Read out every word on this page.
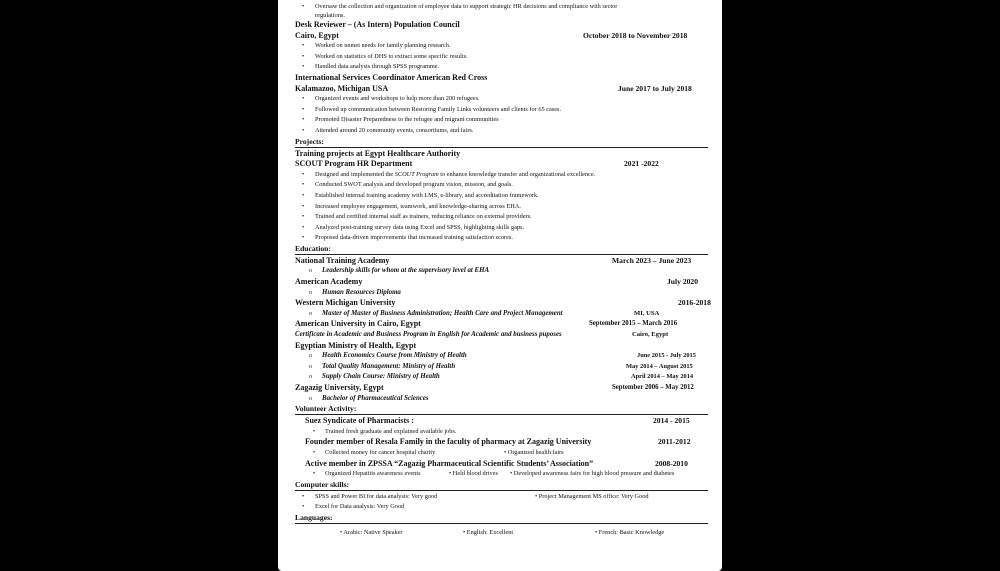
• Oversaw the collection and organization of employee data to support strategic HR decisions and compliance with sector
regulations.
Desk Reviewer – (As Intern) Population Council
Cairo, Egypt	October 2018 to November 2018
• Worked on unmet needs for family planning research.
• Worked on statistics of DHS to extract some specific results.
• Handled data analysis through SPSS programme.
International Services Coordinator American Red Cross
Kalamazoo, Michigan USA	June 2017 to July 2018
• Organized events and workshops to help more than 200 refugees.
• Followed up communication between Restoring Family Links volunteers and clients for 65 cases.
• Promoted Disaster Preparedness to the refugee and migrant communities
• Attended around 20 community events, consortiums, and fairs.
Projects:
Training projects at Egypt Healthcare Authority
SCOUT Program HR Department	2021 -2022
• Designed and implemented the SCOUT Program to enhance knowledge transfer and organizational excellence.
• Conducted SWOT analysis and developed program vision, mission, and goals.
• Established internal training academy with LMS, e-library, and accreditation framework.
• Increased employee engagement, teamwork, and knowledge-sharing across EHA.
• Trained and certified internal staff as trainers, reducing reliance on external providers.
• Analyzed post-training survey data using Excel and SPSS, highlighting skills gaps.
• Proposed data-driven improvements that increased training satisfaction scores.
Education:
National Training Academy	March 2023 – June 2023
o Leadership skills for whom at the supervisory level at EHA
American Academy	July 2020
o Human Resources Diploma
Western Michigan University	2016-2018
o Master of Master of Business Administration; Health Care and Project Management	MI, USA
American University in Cairo, Egypt	September 2015 – March 2016
Certificate in Academic and Business Program in English for Academic and business puposes	Cairo, Egypt
Egyptian Ministry of Health, Egypt
o Health Economics Course from Ministry of Health	June 2015 - July 2015
o Total Quality Management: Ministry of Health	May 2014 – August 2015
o Supply Chain Course: Ministry of Health	April 2014 – May 2014
Zagazig University, Egypt	September 2006 – May 2012
o Bachelor of Pharmaceutical Sciences
Volunteer Activity:
Suez Syndicate of Pharmacists :	2014 - 2015
• Trained fresh graduate and explained available jobs.
Founder member of Resala Family in the faculty of pharmacy at Zagazig University	2011-2012
• Collected money for cancer hospital charity	• Organized health fairs
Active member in ZPSSA “Zagazig Pharmaceutical Scientific Students’ Association”	2008-2010
• Organized Hepatitis awareness events	• Held blood drives • Developed awareness fairs for high blood pressure and diabetes
Computer skills:
• SPSS and Power BI for data analysis: Very good	• Project Management MS office: Very Good
• Excel for Data analysis: Very Good
Languages:
• Arabic: Native Speaker	• English: Excellent	• French: Basic Knowledge
